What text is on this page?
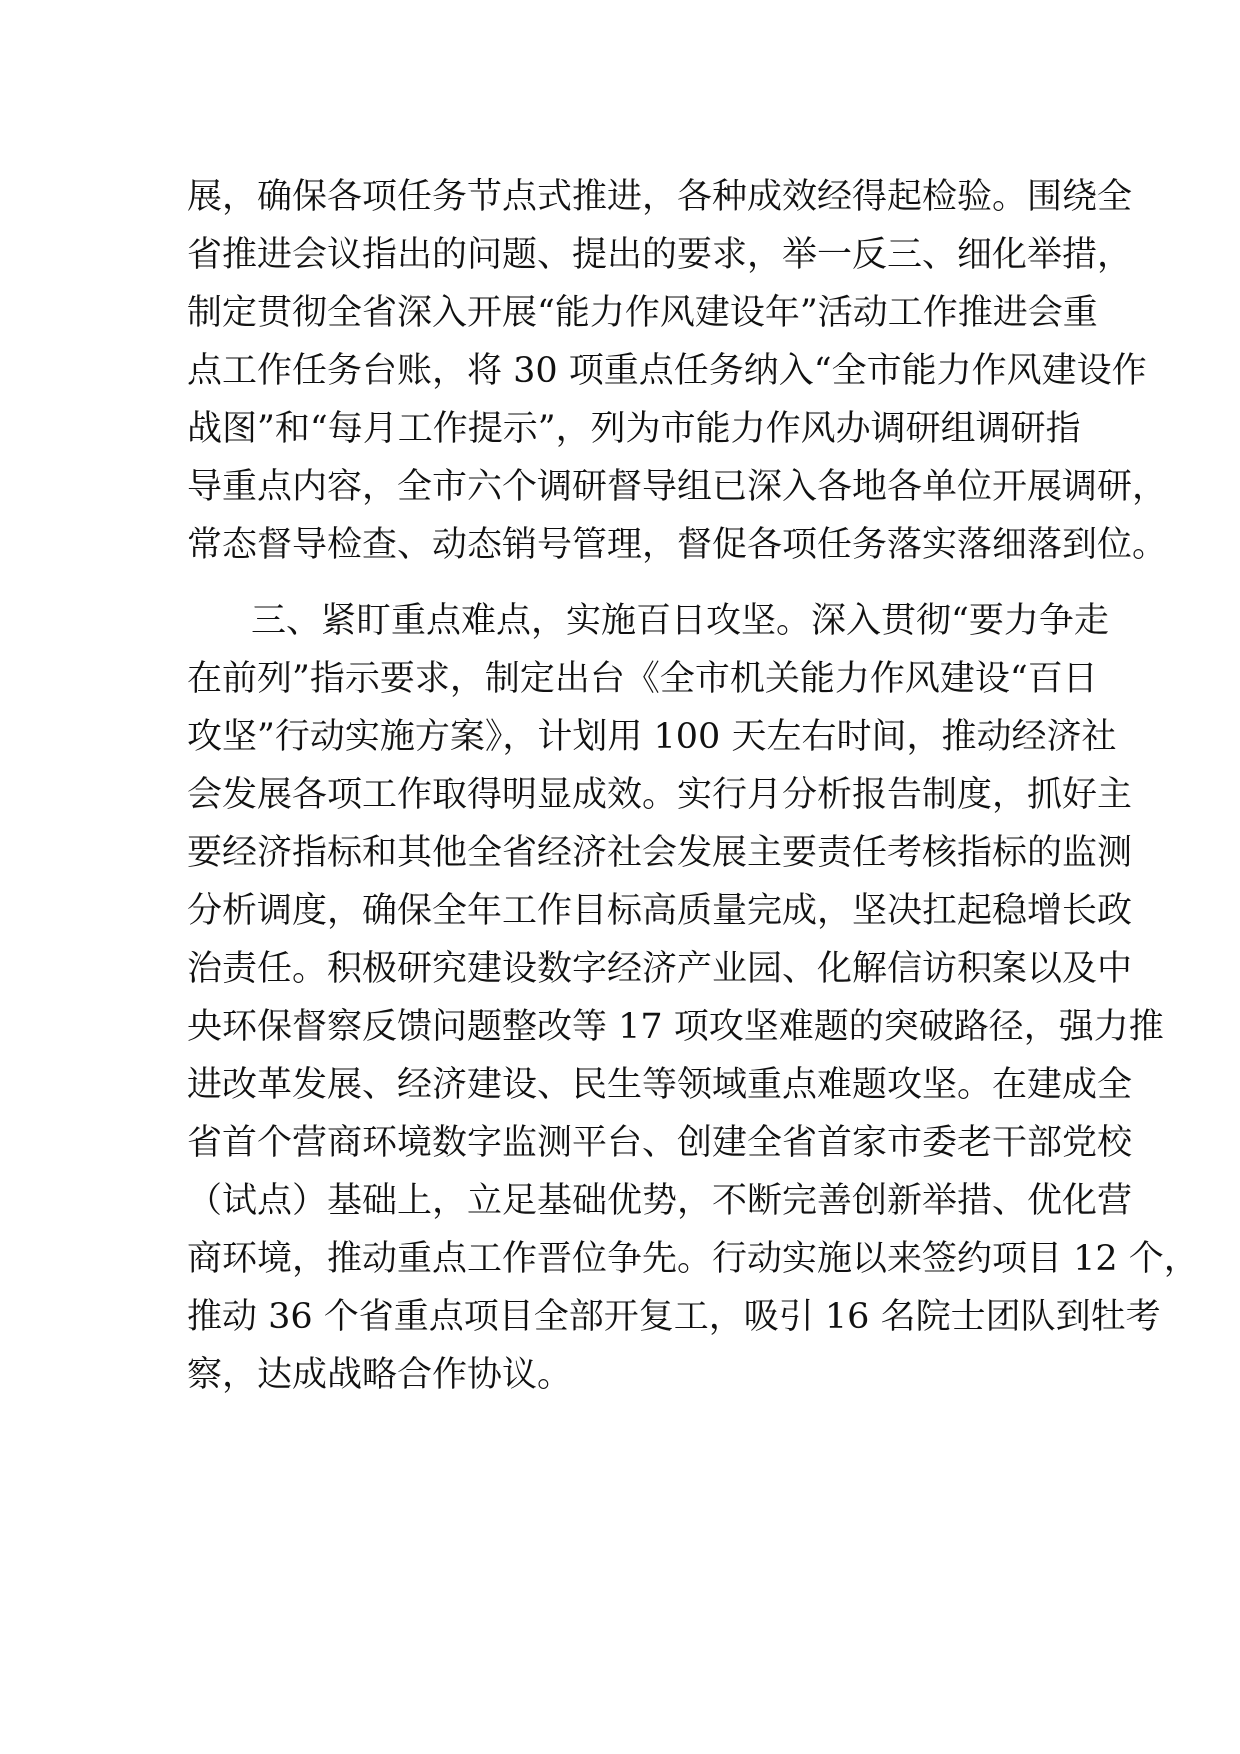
展，确保各项任务节点式推进，各种成效经得起检验。围绕全

省推进会议指出的问题、提出的要求，举一反三、细化举措，

制定贯彻全省深入开展“能力作风建设年”活动工作推进会重

点工作任务台账，将 30 项重点任务纳入“全市能力作风建设作

战图”和“每月工作提示”，列为市能力作风办调研组调研指

导重点内容，全市六个调研督导组已深入各地各单位开展调研，

常态督导检查、动态销号管理，督促各项任务落实落细落到位。

三、紧盯重点难点，实施百日攻坚。深入贯彻“要力争走

在前列”指示要求，制定出台《全市机关能力作风建设“百日

攻坚”行动实施方案》，计划用 100 天左右时间，推动经济社

会发展各项工作取得明显成效。实行月分析报告制度，抓好主

要经济指标和其他全省经济社会发展主要责任考核指标的监测

分析调度，确保全年工作目标高质量完成，坚决扛起稳增长政

治责任。积极研究建设数字经济产业园、化解信访积案以及中

央环保督察反馈问题整改等 17 项攻坚难题的突破路径，强力推

进改革发展、经济建设、民生等领域重点难题攻坚。在建成全

省首个营商环境数字监测平台、创建全省首家市委老干部党校

（试点）基础上，立足基础优势，不断完善创新举措、优化营

商环境，推动重点工作晋位争先。行动实施以来签约项目 12 个，

推动 36 个省重点项目全部开复工，吸引 16 名院士团队到牡考

察，达成战略合作协议。
